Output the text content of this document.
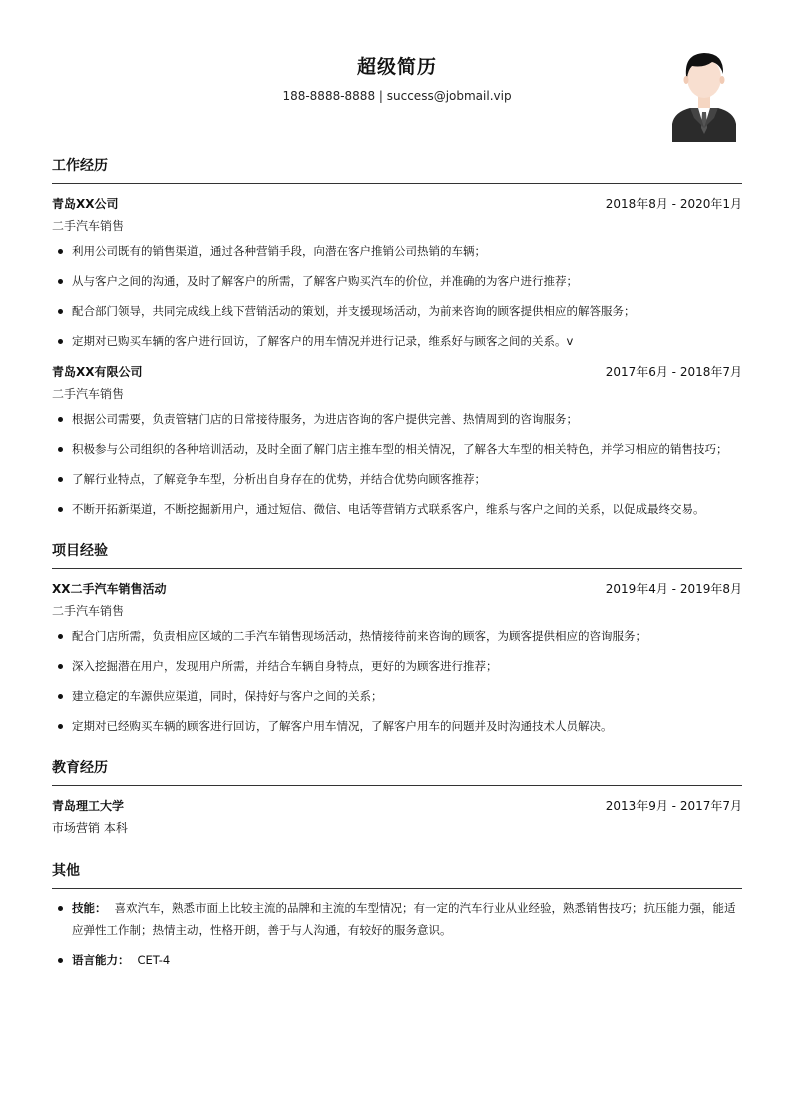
超级简历
188-8888-8888 | success@jobmail.vip
工作经历
青岛XX公司	2018年8月 - 2020年1月
二手汽车销售
利用公司既有的销售渠道，通过各种营销手段，向潜在客户推销公司热销的车辆；
从与客户之间的沟通，及时了解客户的所需，了解客户购买汽车的价位，并准确的为客户进行推荐；
配合部门领导，共同完成线上线下营销活动的策划，并支援现场活动，为前来咨询的顾客提供相应的解答服务；
定期对已购买车辆的客户进行回访，了解客户的用车情况并进行记录，维系好与顾客之间的关系。v
青岛XX有限公司	2017年6月 - 2018年7月
二手汽车销售
根据公司需要，负责管辖门店的日常接待服务，为进店咨询的客户提供完善、热情周到的咨询服务；
积极参与公司组织的各种培训活动，及时全面了解门店主推车型的相关情况，了解各大车型的相关特色，并学习相应的销售技巧；
了解行业特点，了解竞争车型，分析出自身存在的优势，并结合优势向顾客推荐；
不断开拓新渠道，不断挖掘新用户，通过短信、微信、电话等营销方式联系客户，维系与客户之间的关系，以促成最终交易。
项目经验
XX二手汽车销售活动	2019年4月 - 2019年8月
二手汽车销售
配合门店所需，负责相应区域的二手汽车销售现场活动，热情接待前来咨询的顾客，为顾客提供相应的咨询服务；
深入挖掘潜在用户，发现用户所需，并结合车辆自身特点，更好的为顾客进行推荐；
建立稳定的车源供应渠道，同时，保持好与客户之间的关系；
定期对已经购买车辆的顾客进行回访，了解客户用车情况，了解客户用车的问题并及时沟通技术人员解决。
教育经历
青岛理工大学	2013年9月 - 2017年7月
市场营销 本科
其他
技能： 喜欢汽车，熟悉市面上比较主流的品牌和主流的车型情况；有一定的汽车行业从业经验，熟悉销售技巧；抗压能力强，能适应弹性工作制；热情主动，性格开朗，善于与人沟通，有较好的服务意识。
语言能力： CET-4
